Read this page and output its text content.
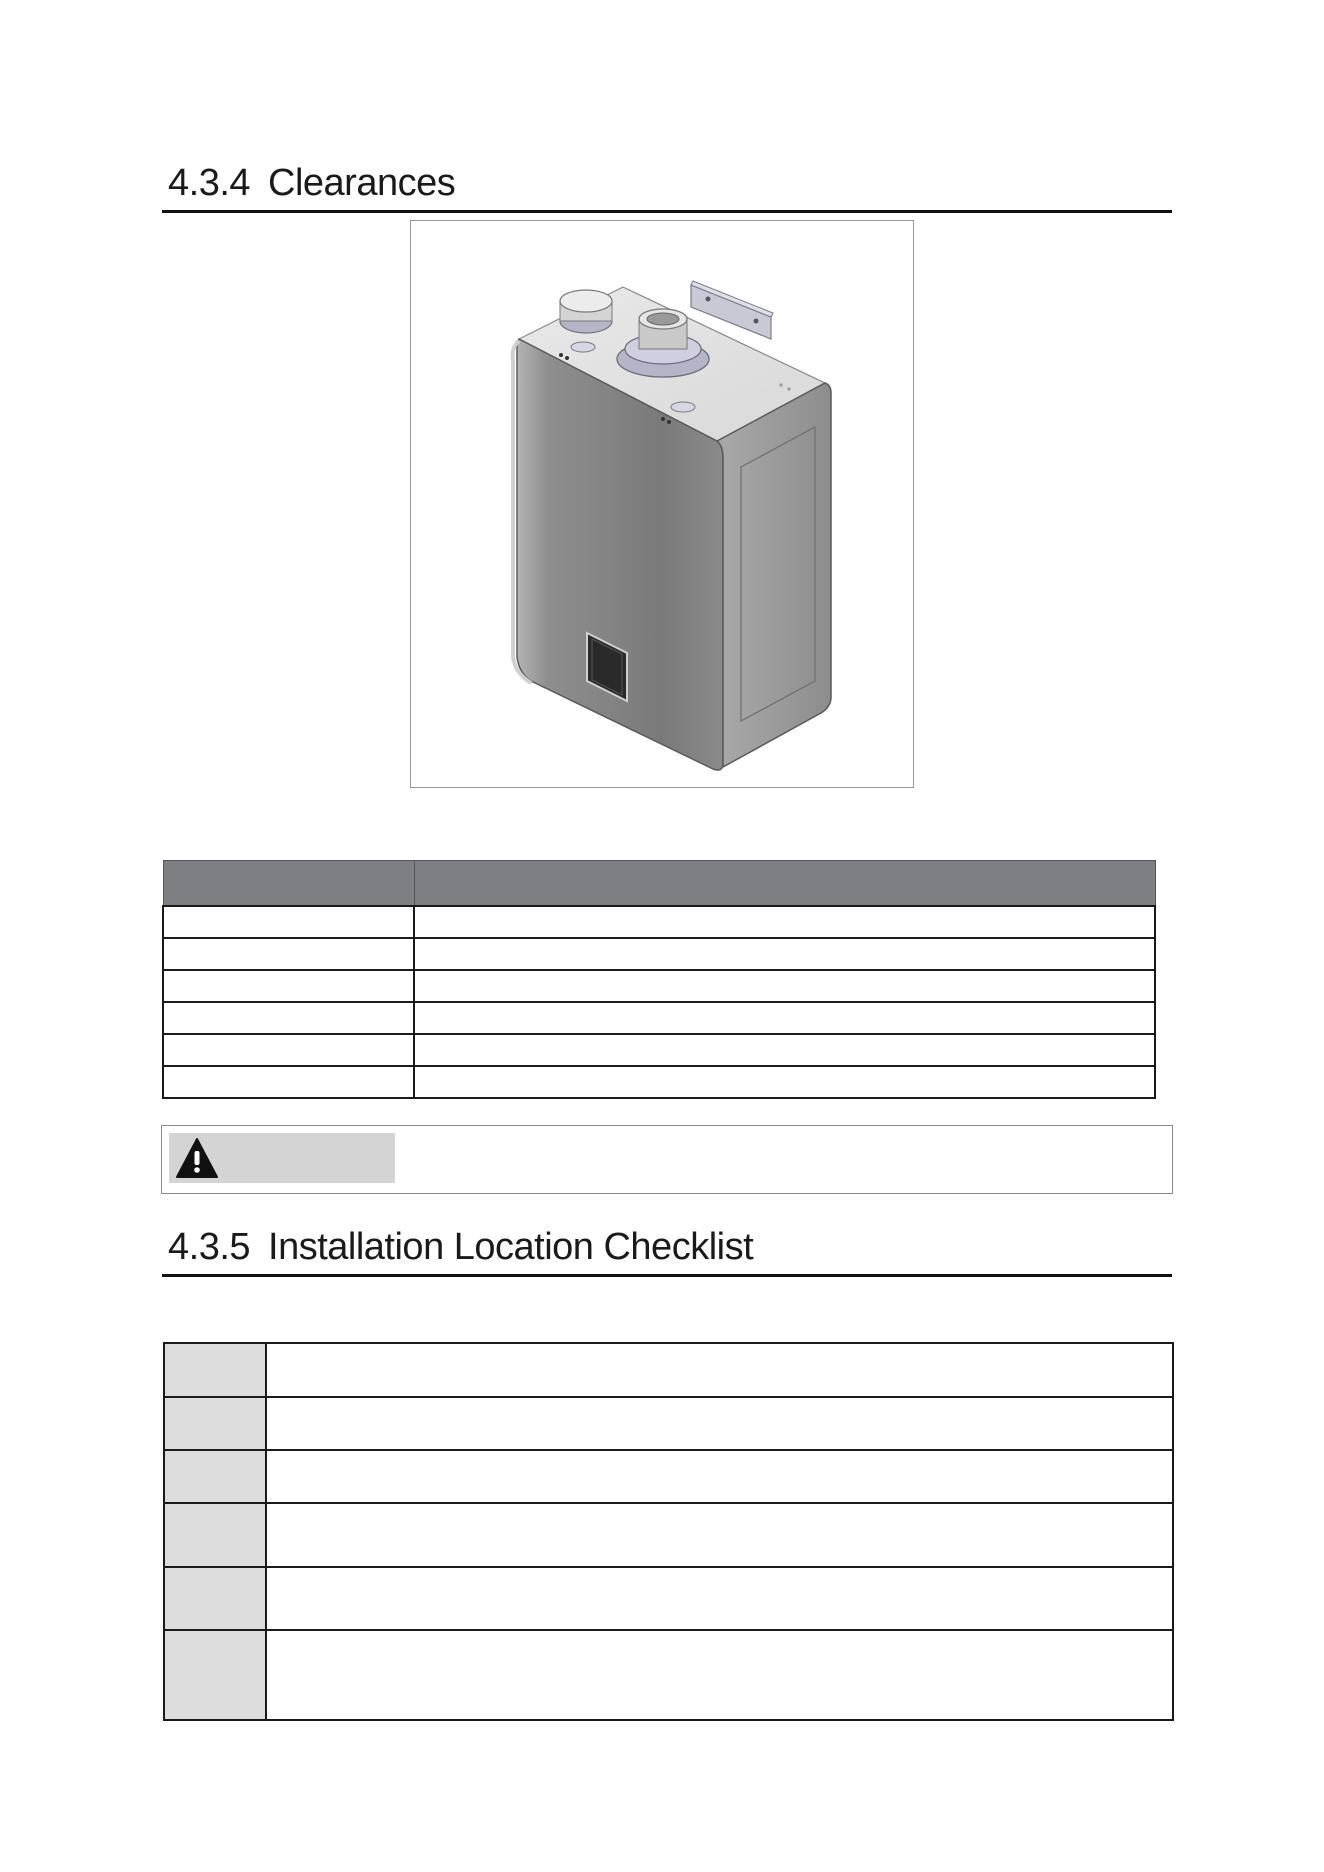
4.3.4 Clearances

4.3.5 Installation Location Checklist
